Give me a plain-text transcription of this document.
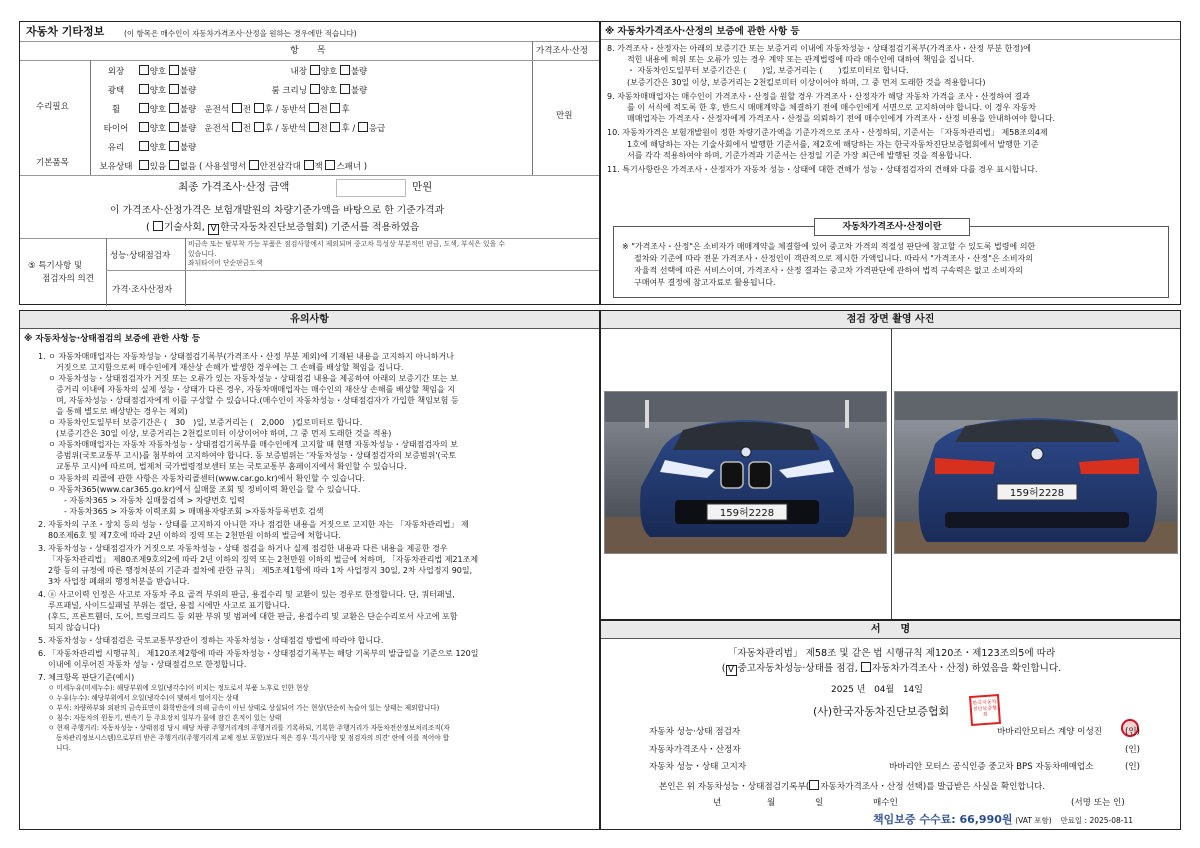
자동차 기타정보	(이 항목은 매수인이 자동차가격조사·산정을 원하는 경우에만 적습니다)
항　　목	가격조사·산정
수리필요
기본품목
만원
외장	양호 불량	내장 양호 불량
광택	양호 불량	룸 크리닝 양호 불량
휠	양호 불량 운전석 전 후 / 동반석 전 후
타이어	양호 불량 운전석 전 후 / 동반석 전 후 / 응급
유리	양호 불량
보유상태 있음 없음 ( 사용설명서 안전삼각대 잭 스패너 )
최종 가격조사·산정 금액	만원
이 가격조사·산정가격은 보험개발원의 차량기준가액을 바탕으로 한 기준가격과
( 기술사회, V 한국자동차진단보증협회) 기준서를 적용하였음
⑤ 특기사항 및
점검자의 의견
성능·상태점검자
비금속 또는 탈부착 가능 부품은 점검사항에서 제외되며 중고차 특성상 부분적인 판금, 도색, 부식은 있을 수
있습니다.
좌뒤타이어 단순판금도색
가격·조사산정자
※ 자동차가격조사·산정의 보증에 관한 사항 등
8. 가격조사・산정자는 아래의 보증기간 또는 보증거리 이내에 자동차성능・상태점검기록부(가격조사・산정 부분 한정)에
적힌 내용에 허위 또는 오류가 있는 경우 계약 또는 관계법령에 따라 매수인에 대하여 책임을 집니다.
・ 자동차인도일부터 보증기간은 (　　)일, 보증거리는 (　　)킬로미터로 합니다.
(보증기간은 30일 이상, 보증거리는 2천킬로미터 이상이어야 하며, 그 중 먼저 도래한 것을 적용합니다)
9. 자동차매매업자는 매수인이 가격조사・산정을 원할 경우 가격조사・산정자가 해당 자동차 가격을 조사・산정하여 결과
를 이 서식에 적도록 한 후, 반드시 매매계약을 체결하기 전에 매수인에게 서면으로 고지하여야 합니다. 이 경우 자동차
매매업자는 가격조사・산정자에게 가격조사・산정을 의뢰하기 전에 매수인에게 가격조사・산정 비용을 안내하여야 합니다.
10. 자동차가격은 보험개발원이 정한 차량기준가액을 기준가격으로 조사・산정하되, 기준서는 「자동차관리법」 제58조의4제
1호에 해당하는 자는 기술사회에서 발행한 기준서를, 제2호에 해당하는 자는 한국자동차진단보증협회에서 발행한 기준
서를 각각 적용하여야 하며, 기준가격과 기준서는 산정일 기준 가장 최근에 발행된 것을 적용합니다.
11. 특기사항란은 가격조사・산정자가 자동차 성능・상태에 대한 견해가 성능・상태점검자의 견해와 다를 경우 표시합니다.
자동차가격조사·산정이란
※ "가격조사・산정"은 소비자가 매매계약을 체결함에 있어 중고차 가격의 적절성 판단에 참고할 수 있도록 법령에 의한
절차와 기준에 따라 전문 가격조사・산정인이 객관적으로 제시한 가액입니다. 따라서 "가격조사・산정"은 소비자의
자율적 선택에 따른 서비스이며, 가격조사・산정 결과는 중고차 가격판단에 관하여 법적 구속력은 없고 소비자의
구매여부 결정에 참고자료로 활용됩니다.
유의사항
※ 자동차성능·상태점검의 보증에 관한 사항 등
1. ㅇ 자동차매매업자는 자동차성능・상태점검기록부(가격조사・산정 부분 제외)에 기재된 내용을 고지하지 아니하거나
거짓으로 고지함으로써 매수인에게 재산상 손해가 발생한 경우에는 그 손해를 배상할 책임을 집니다.
ㅇ 자동차성능・상태점검자가 거짓 또는 오류가 있는 자동차성능・상태점검 내용을 제공하여 아래의 보증기간 또는 보
증거리 이내에 자동차의 실제 성능・상태가 다른 경우, 자동차매매업자는 매수인의 재산상 손해를 배상할 책임을 지
며, 자동차성능・상태점검자에게 이를 구상할 수 있습니다.(매수인이 자동차성능・상태점검자가 가입한 책임보험 등
을 통해 별도로 배상받는 경우는 제외)
ㅇ 자동차인도일부터 보증기간은 (　30　)일, 보증거리는 (　2,000　)킬로미터로 합니다.
(보증기간은 30일 이상, 보증거리는 2천킬로미터 이상이어야 하며, 그 중 먼저 도래한 것을 적용)
ㅇ 자동차매매업자는 자동차 자동차성능・상태점검기록부를 매수인에게 고지할 때 현행 자동차성능・상태점검자의 보
증범위(국토교통부 고시)를 첨부하여 고지하여야 합니다. 동 보증범위는 '자동차성능・상태점검자의 보증범위'(국토
교통부 고시)에 따르며, 법제처 국가법령정보센터 또는 국토교통부 홈페이지에서 확인할 수 있습니다.
ㅇ 자동차의 리콜에 관한 사항은 자동차리콜센터(www.car.go.kr)에서 확인할 수 있습니다.
ㅇ 자동차365(www.car365.go.kr)에서 실매물 조회 및 정비이력 확인을 할 수 있습니다.
- 자동차365 > 자동차 실매물검색 > 차량번호 입력
- 자동차365 > 자동차 이력조회 > 매매용자량조회 >자동차등록번호 검색
2. 자동차의 구조・장치 등의 성능・상태를 고지하지 아니한 자나 점검한 내용을 거짓으로 고지한 자는 「자동차관리법」 제
80조제6호 및 제7호에 따라 2년 이하의 징역 또는 2천만원 이하의 벌금에 처합니다.
3. 자동차성능・상태점검자가 거짓으로 자동차성능・상태 점검을 하거나 실제 점검한 내용과 다른 내용을 제공한 경우
「자동차관리법」 제80조제9호의2에 따라 2년 이하의 징역 또는 2천만원 이하의 벌금에 처하며, 「자동차관리법 제21조제
2항 등의 규정에 따른 행정처분의 기준과 절차에 관한 규칙」 제5조제1항에 따라 1차 사업정지 30일, 2차 사업정지 90일,
3차 사업장 폐쇄의 행정처분을 받습니다.
4. ⓐ 사고이력 인정은 사고로 자동차 주요 골격 부위의 판금, 용접수리 및 교환이 있는 경우로 한정합니다. 단, 쿼터패널,
루프패널, 사이드실패널 부위는 절단, 용접 시에만 사고로 표기합니다.
(후드, 프론트휀더, 도어, 트렁크리드 등 외판 부위 및 범퍼에 대한 판금, 용접수리 및 교환은 단순수리로서 사고에 포함
되지 않습니다)
5. 자동차성능・상태점검은 국토교통부장관이 정하는 자동차성능・상태점검 방법에 따라야 합니다.
6. 「자동차관리법 시행규칙」 제120조제2항에 따라 자동차성능・상태점검기록부는 해당 기록부의 발급일을 기준으로 120일
이내에 이루어진 자동차 성능・상태점검으로 한정합니다.
7. 체크항목 판단기준(예시)
ㅇ 미세누유(미세누수): 해당부위에 오일(냉각수)이 비치는 정도로서 부품 노후로 인한 현상
ㅇ 누유(누수): 해당부위에서 오일(냉각수)이 맺혀서 떨어지는 상태
ㅇ 부식: 차량하부와 외판의 금속표면이 화학반응에 의해 금속이 아닌 상태로 상실되어 가는 현상(단순히 녹슬어 있는 상태는 제외합니다)
ㅇ 침수: 자동차의 원동기, 변속기 등 주요장치 일부가 물에 잠긴 흔적이 있는 상태
ㅇ 현재 주행거리: 자동차성능・상태점검 당시 해당 차량 주행거리계의 주행거리를 기록하되, 기록한 주행거리가 자동차전산정보처리조직(자
동차관리정보시스템)으로부터 받은 주행거리(주행거리계 교체 정보 포함)보다 적은 경우 '특기사항 및 점검자의 의견' 란에 이를 적어야 합
니다.
점검 장면 촬영 사진
159허2228
159허2228
서　　명
「자동차관리법」 제58조 및 같은 법 시행규칙 제120조・제123조의5에 따라
( V 중고자동차성능·상태를 점검, 자동차가격조사・산정) 하였음을 확인합니다.
2025 년 04월 14일
(사)한국자동차진단보증협회
한국자동차진단보증협회
자동차 성능·상태 점검자	바바리안모터스 계양 이성진	(인)
자동차가격조사・산정자	(인)
자동차 성능・상태 고지자	바바리안 모터스 공식인증 중고차 BPS 자동차매매업소	(인)
본인은 위 자동차성능・상태점검기록부( 자동차가격조사・산정 선택)를 발급받은 사실을 확인합니다.
년	월	일	매수인	(서명 또는 인)
책임보증 수수료: 66,990원 (VAT 포함) 만료일 : 2025-08-11
